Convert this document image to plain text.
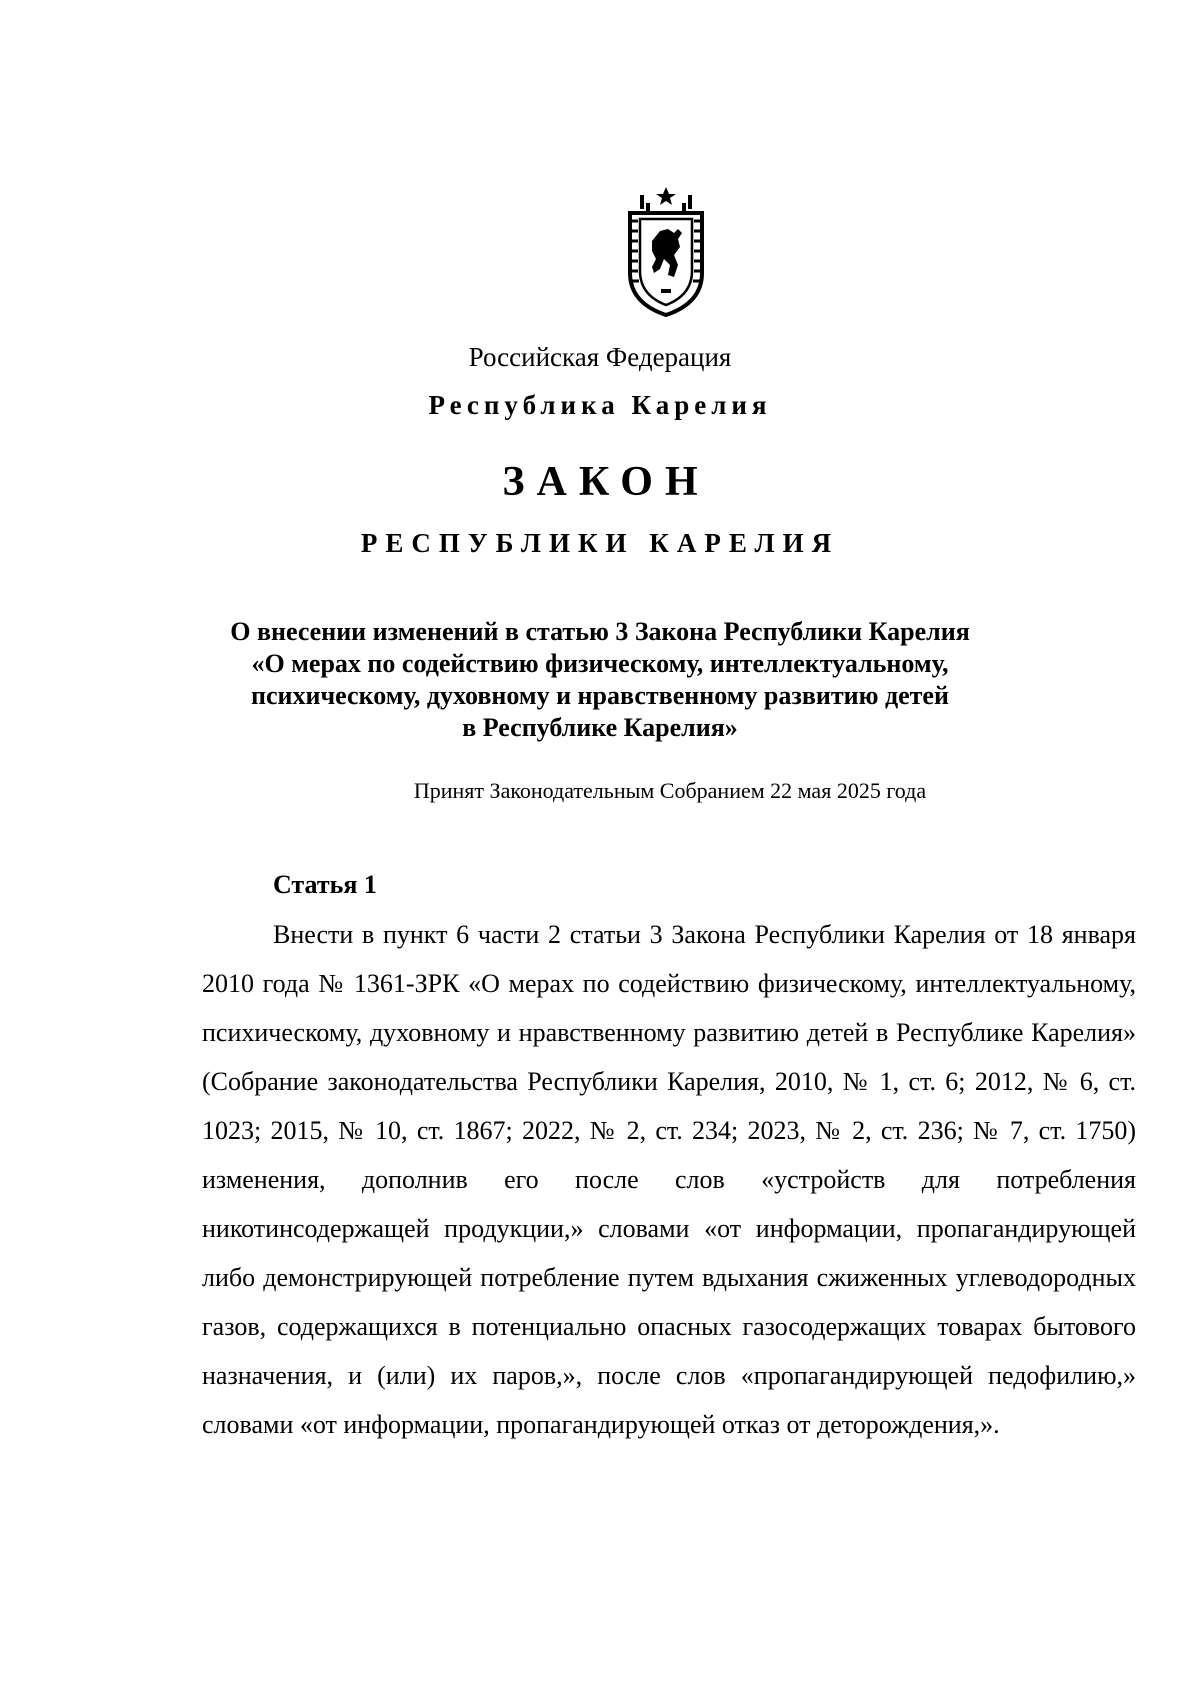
Российская Федерация
Республика Карелия
ЗАКОН
РЕСПУБЛИКИ КАРЕЛИЯ
О внесении изменений в статью 3 Закона Республики Карелия
«О мерах по содействию физическому, интеллектуальному,
психическому, духовному и нравственному развитию детей
в Республике Карелия»
Принят Законодательным Собранием 22 мая 2025 года
Статья 1

Внести в пункт 6 части 2 статьи 3 Закона Республики Карелия от 18 января 2010 года № 1361-ЗРК «О мерах по содействию физическому, интеллектуальному, психическому, духовному и нравственному развитию детей в Республике Карелия» (Собрание законодательства Республики Карелия, 2010, № 1, ст. 6; 2012, № 6, ст. 1023; 2015, № 10, ст. 1867; 2022, № 2, ст. 234; 2023, № 2, ст. 236; № 7, ст. 1750) изменения, дополнив его после слов «устройств для потребления никотинсодержащей продукции,» словами «от информации, пропагандирующей либо демонстрирующей потребление путем вдыхания сжиженных углеводородных газов, содержащихся в потенциально опасных газосодержащих товарах бытового назначения, и (или) их паров,», после слов «пропагандирующей педофилию,» словами «от информации, пропагандирующей отказ от деторождения,».
